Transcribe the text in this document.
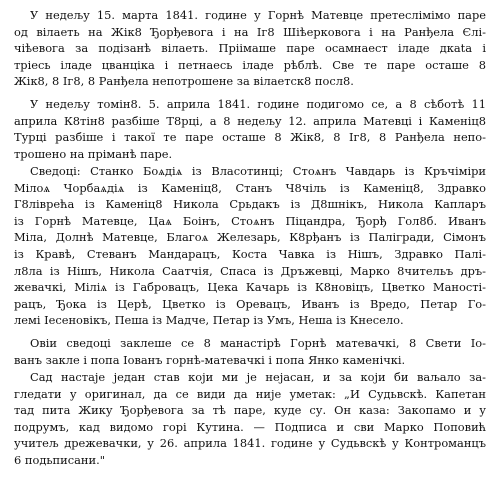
У недељу 15. марта 1841. године у Горнѣ Матевце претеслімімо паре
од вілаеть на Жік8 Ђорђевога і на Іг8 Шіѣерковога і на Ранђела Єлі-
чіѣевога за подізанѣ вілаеть. Пріімаше паре осамнаест іладе дкаta і
тріесь іладе цванціка і петнаесь іладе рѣблѣ. Све те паре осташе 8
Жік8, 8 Іг8, 8 Ранђела непотрошене за вілаетск8 посл8.
У недељу томін8. 5. априла 1841. године подигомо се, а 8 сѣботѣ 11
априла К8тін8 разбіше Т8рці, а 8 недељу 12. априла Матевці і Каменіц8
Турці разбіше і такої те паре осташе 8 Жік8, 8 Іг8, 8 Ранђела непо-
трошено на пріманѣ паре.
Сведоці: Станко Боѧдіѧ із Власотинці; Стоѧнъ Чавдарь із Кръчіміри
Мілоѧ Чорбаѧдіѧ із Каменіц8, Станъ Ч8чіль із Каменіц8, Здравко
Г8ліврећа із Каменіц8 Никола Срьдакъ із Д8шнікъ, Никола Капларъ
із Горнѣ Матевце, Цаѧ Боінъ, Стоѧнъ Піцандра, Ђорђ Гол8б. Иванъ
Міла, Долнѣ Матевце, Благоѧ Железарь, К8рђанъ із Палігради, Сімонъ
із Кравѣ, Стеванъ Мандарацъ, Коста Чавка із Нішъ, Здравко Палі-
л8ла із Нішъ, Никола Саатчія, Спаса із Дръжевці, Марко 8чительъ дръ-
жевачкі, Міліѧ із Габровацъ, Цека Качарь із К8новіцъ, Цветко Маності-
рацъ, Ђока із Церѣ, Цветко із Оревацъ, Иванъ із Вредо, Петар Го-
лемі Іесеновікъ, Пеша із Мадче, Петар із Умъ, Неша із Кнесело.
Овіи сведоці заклеше се 8 манастірѣ Горнѣ матевачкі, 8 Свети Іо-
ванъ закле і попа Іованъ горнѣ-матевачкі і попа Янко каменічкі.
Сад настаје један став који ми је нејасан, и за који би ваљало за-
гледати у оригинал, да се види да није уметак: „И Судьвскѣ. Капетан
тад пита Жику Ђорђевога за тѣ паре, куде су. Он каза: Закопамо и у
подрумъ, кад видомо горі Кутина. — Подписа и сви Марко Поповић
учитељ дрежевачки, у 26. априла 1841. године у Судьвскѣ у Контроманцъ
6 подьписани."
